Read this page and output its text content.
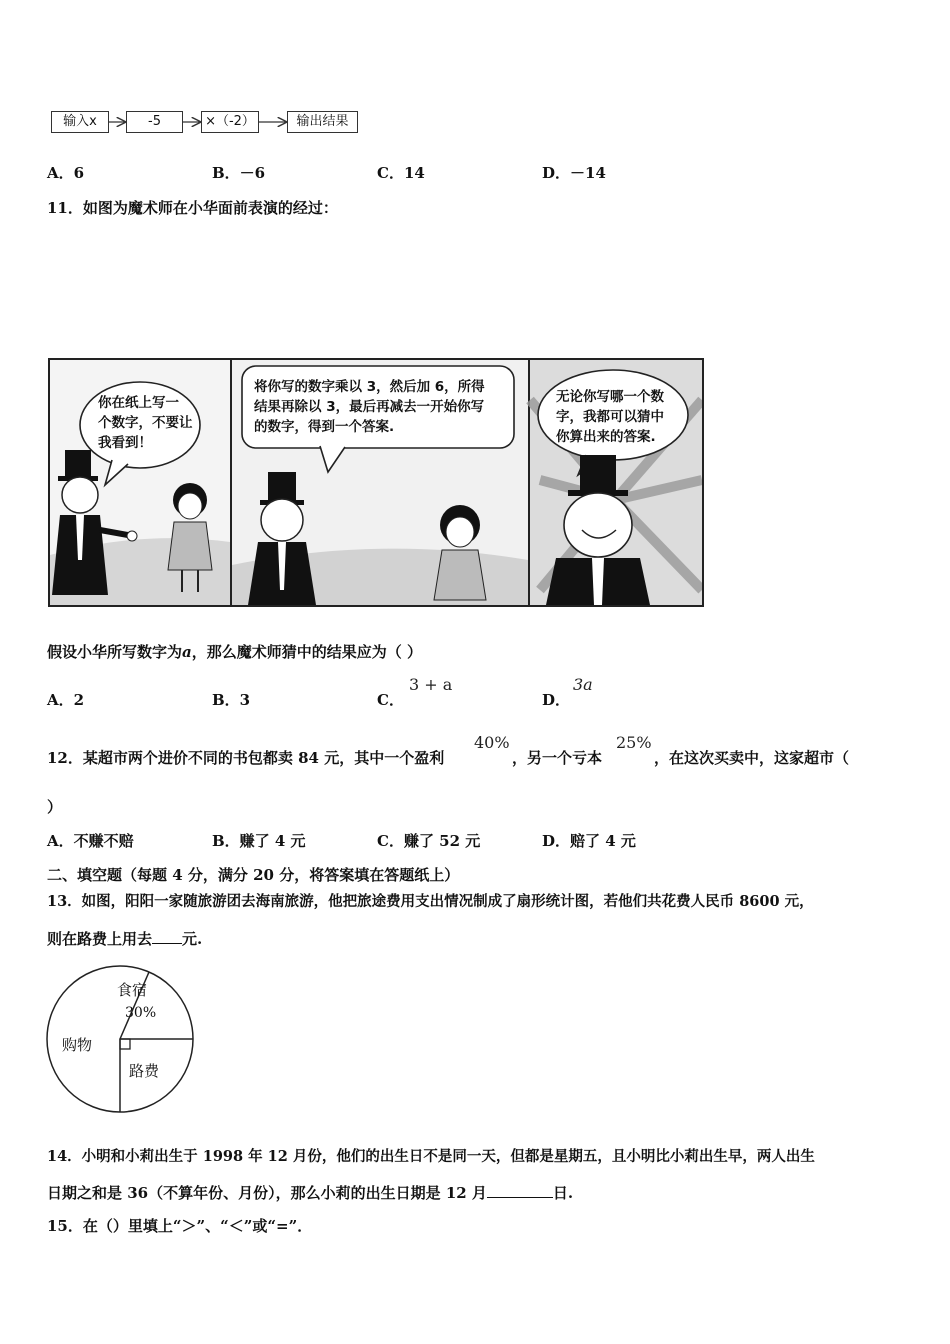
输入x	-5	×（-2）	输出结果
A．6	B．－6	C．14	D．－14
11．如图为魔术师在小华面前表演的经过：
你在纸上写一
个数字，不要让
我看到！
将你写的数字乘以 3，然后加 6，所得
结果再除以 3，最后再减去一开始你写
的数字，得到一个答案.
无论你写哪一个数
字，我都可以猜中
你算出来的答案.
假设小华所写数字为a，那么魔术师猜中的结果应为（ ）
A．2	B．3	C．
3 + a
D．
3a
12．某超市两个进价不同的书包都卖 84 元，其中一个盈利
40%
，另一个亏本
25%
，在这次买卖中，这家超市（
）
A．不赚不赔	B．赚了 4 元	C．赚了 52 元	D．赔了 4 元
二、填空题（每题 4 分，满分 20 分，将答案填在答题纸上）
13．如图，阳阳一家随旅游团去海南旅游，他把旅途费用支出情况制成了扇形统计图，若他们共花费人民币 8600 元，
则在路费上用去 元.
食宿
30%
购物
路费
14．小明和小莉出生于 1998 年 12 月份，他们的出生日不是同一天，但都是星期五，且小明比小莉出生早，两人出生
日期之和是 36（不算年份、月份），那么小莉的出生日期是 12 月	日.
15．在（）里填上“＞”、“＜”或“=”．
